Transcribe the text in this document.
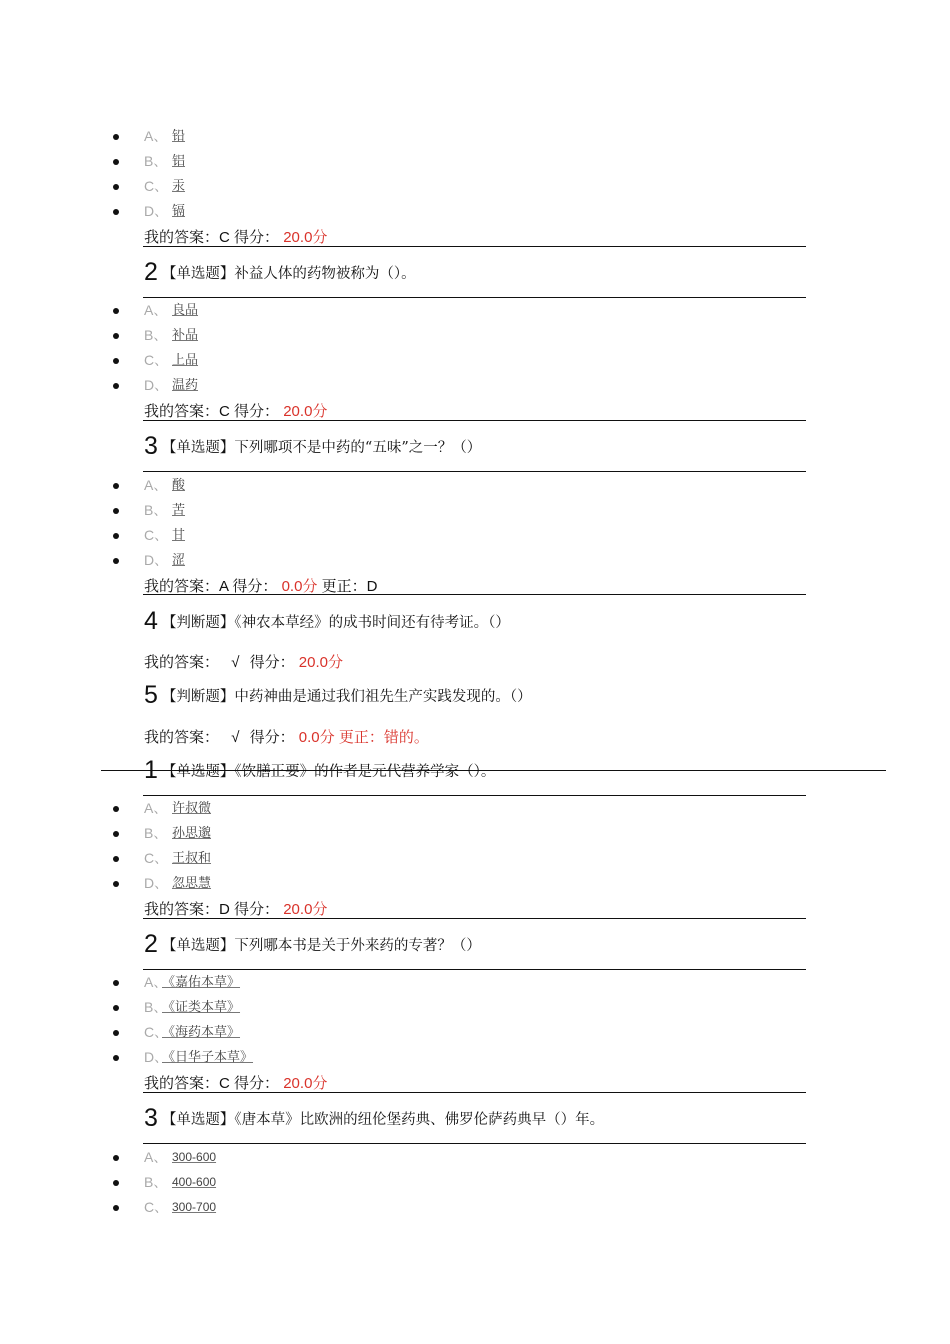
A、 铅
B、 铝
C、 汞
D、 镉
我的答案：C 得分： 20.0分
2 【单选题】补益人体的药物被称为（）。
A、 良品
B、 补品
C、 上品
D、 温药
我的答案：C 得分： 20.0分
3 【单选题】下列哪项不是中药的“五味”之一？（）
A、 酸
B、 苦
C、 甘
D、 涩
我的答案：A 得分： 0.0分 更正：D
4 【判断题】《神农本草经》的成书时间还有待考证。（）
我的答案： √ 得分： 20.0分
5 【判断题】中药神曲是通过我们祖先生产实践发现的。（）
我的答案： √ 得分： 0.0分 更正：错的。
1 【单选题】《饮膳正要》的作者是元代营养学家（）。
A、 许叔微
B、 孙思邈
C、 王叔和
D、 忽思慧
我的答案：D 得分： 20.0分
2 【单选题】下列哪本书是关于外来药的专著？（）
A、
《嘉佑本草》
B、
《证类本草》
C、
《海药本草》
D、
《日华子本草》
我的答案：C 得分： 20.0分
3 【单选题】《唐本草》比欧洲的纽伦堡药典、佛罗伦萨药典早（）年。
A、 300-600
B、 400-600
C、 300-700
